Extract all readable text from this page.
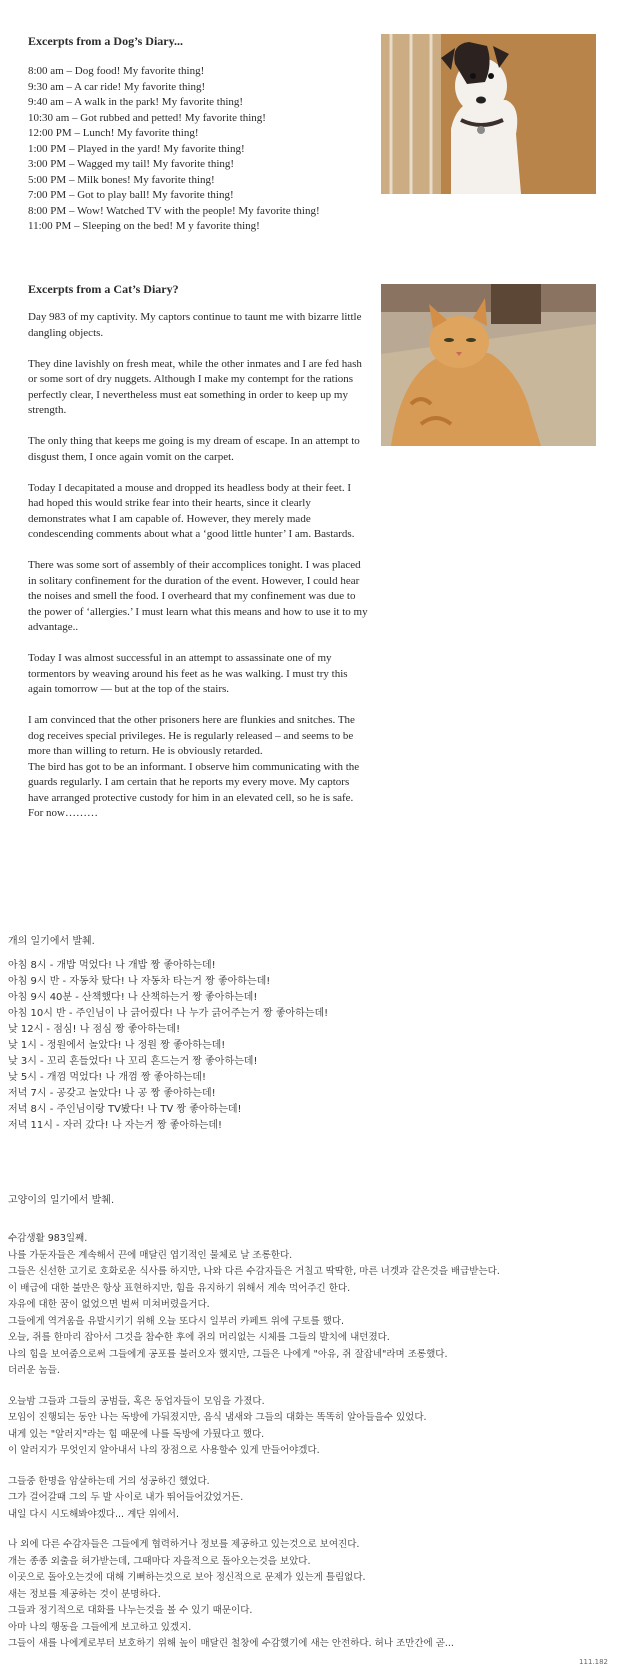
Excerpts from a Dog’s Diary...
8:00 am – Dog food! My favorite thing!
9:30 am – A car ride! My favorite thing!
9:40 am – A walk in the park! My favorite thing!
10:30 am – Got rubbed and petted! My favorite thing!
12:00 PM – Lunch! My favorite thing!
1:00 PM – Played in the yard! My favorite thing!
3:00 PM – Wagged my tail! My favorite thing!
5:00 PM – Milk bones! My favorite thing!
7:00 PM – Got to play ball! My favorite thing!
8:00 PM – Wow! Watched TV with the people! My favorite thing!
11:00 PM – Sleeping on the bed! M y favorite thing!
Excerpts from a Cat’s Diary?

Day 983 of my captivity. My captors continue to taunt me with bizarre little dangling objects.

They dine lavishly on fresh meat, while the other inmates and I are fed hash or some sort of dry nuggets. Although I make my contempt for the rations perfectly clear, I nevertheless must eat something in order to keep up my strength.

The only thing that keeps me going is my dream of escape. In an attempt to disgust them, I once again vomit on the carpet.

Today I decapitated a mouse and dropped its headless body at their feet. I had hoped this would strike fear into their hearts, since it clearly demonstrates what I am capable of. However, they merely made condescending comments about what a ‘good little hunter’ I am. Bastards.

There was some sort of assembly of their accomplices tonight. I was placed in solitary confinement for the duration of the event. However, I could hear the noises and smell the food. I overheard that my confinement was due to the power of ‘allergies.’ I must learn what this means and how to use it to my advantage..

Today I was almost successful in an attempt to assassinate one of my tormentors by weaving around his feet as he was walking. I must try this again tomorrow — but at the top of the stairs.

I am convinced that the other prisoners here are flunkies and snitches. The dog receives special privileges. He is regularly released – and seems to be more than willing to return. He is obviously retarded.

The bird has got to be an informant. I observe him communicating with the guards regularly. I am certain that he reports my every move. My captors have arranged protective custody for him in an elevated cell, so he is safe. For now………

개의 일기에서 발췌.
아침 8시 - 개밥 먹었다! 나 개밥 짱 좋아하는데!
아침 9시 반 - 자동차 탔다! 나 자동차 타는거 짱 좋아하는데!
아침 9시 40분 - 산책했다! 나 산책하는거 짱 좋아하는데!
아침 10시 반 - 주인님이 나 긁어줬다! 나 누가 긁어주는거 짱 좋아하는데!
낮 12시 - 점심! 나 점심 짱 좋아하는데!
낮 1시 - 정원에서 놀았다! 나 정원 짱 좋아하는데!
낮 3시 - 꼬리 흔들었다! 나 꼬리 흔드는거 짱 좋아하는데!
낮 5시 - 개껌 먹었다! 나 개껌 짱 좋아하는데!
저녁 7시 - 공갖고 놀았다! 나 공 짱 좋아하는데!
저녁 8시 - 주인님이랑 TV봤다! 나 TV 짱 좋아하는데!
저녁 11시 - 자러 갔다! 나 자는거 짱 좋아하는데!
고양이의 일기에서 발췌.

수감생활 983일째.
나를 가둔자들은 계속해서 끈에 매달린 엽기적인 물체로 날 조롱한다.
그들은 신선한 고기로 호화로운 식사를 하지만, 나와 다른 수감자들은 거칠고 딱딱한, 마른 너겟과 같은것을 배급받는다.
이 배급에 대한 불만은 항상 표현하지만, 힘을 유지하기 위해서 계속 먹어주긴 한다.
자유에 대한 꿈이 없었으면 벌써 미쳐버렸을거다.
그들에게 역겨움을 유발시키기 위해 오늘 또다시 일부러 카페트 위에 구토를 했다.
오늘, 쥐를 한마리 잡아서 그것을 참수한 후에 쥐의 머리없는 시체를 그들의 발치에 내던졌다.
나의 힘을 보여줌으로써 그들에게 공포를 불러오자 했지만, 그들은 나에게 "아유, 쥐 잘잡네"라며 조롱했다.
더러운 놈들.

오늘밤 그들과 그들의 공범들, 혹은 동업자들이 모임을 가졌다.
모임이 진행되는 동안 나는 독방에 가둬졌지만, 음식 냄새와 그들의 대화는 똑똑히 알아들을수 있었다.
내게 있는 "알러지"라는 힘 때문에 나를 독방에 가뒀다고 했다.
이 알러지가 무엇인지 알아내서 나의 장점으로 사용할수 있게 만들어야겠다.

그들중 한명을 암살하는데 거의 성공하긴 했었다.
그가 걸어갈때 그의 두 발 사이로 내가 뛰어들어갔었거든.
내일 다시 시도해봐야겠다... 계단 위에서.

나 외에 다른 수감자들은 그들에게 협력하거나 정보를 제공하고 있는것으로 보여진다.
개는 종종 외출을 허가받는데, 그때마다 자을적으로 돌아오는것을 보았다.
이곳으로 돌아오는것에 대해 기뻐하는것으로 보아 정신적으로 문제가 있는게 틀림없다.
새는 정보를 제공하는 것이 분명하다.
그들과 정기적으로 대화를 나누는것을 볼 수 있기 때문이다.
아마 나의 행동을 그들에게 보고하고 있겠지.
그들이 새를 나에게로부터 보호하기 위해 높이 매달린 철창에 수감했기에 새는 안전하다. 허나 조만간에 곧...

111.182
